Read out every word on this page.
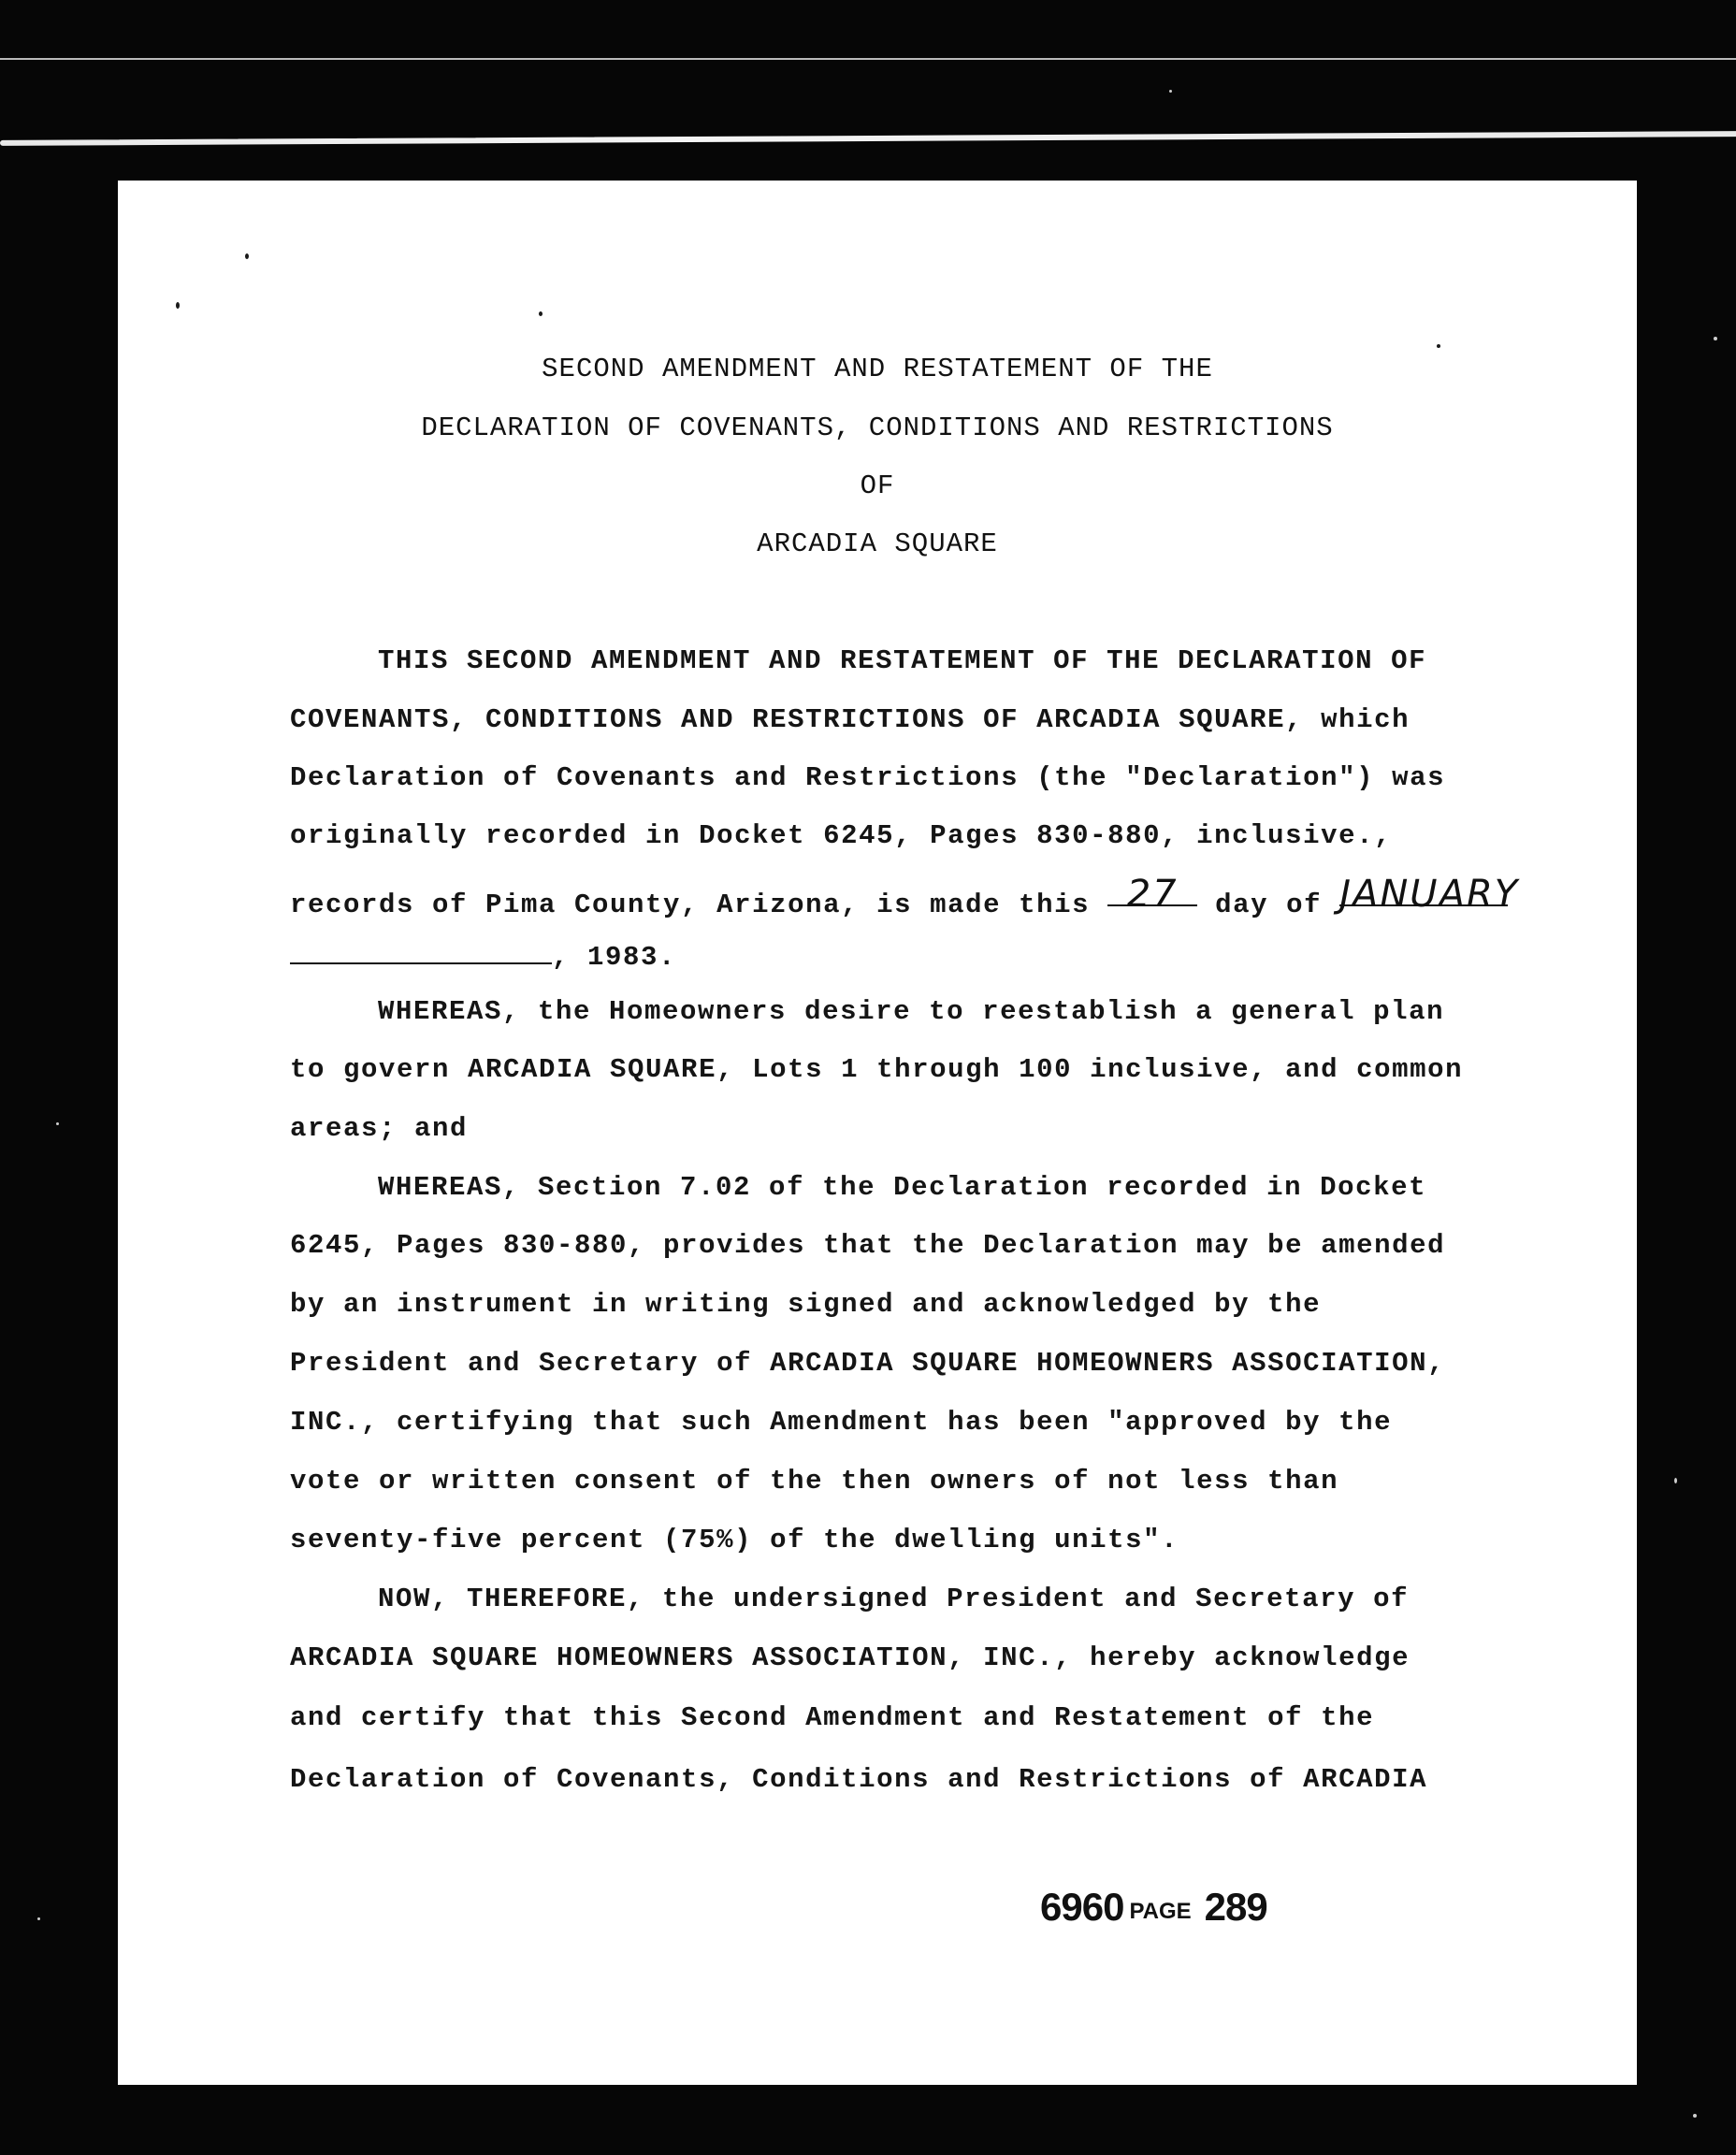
SECOND AMENDMENT AND RESTATEMENT OF THE
DECLARATION OF COVENANTS, CONDITIONS AND RESTRICTIONS
OF
ARCADIA SQUARE
THIS SECOND AMENDMENT AND RESTATEMENT OF THE DECLARATION OF
COVENANTS, CONDITIONS AND RESTRICTIONS OF ARCADIA SQUARE, which
Declaration of Covenants and Restrictions (the "Declaration") was
originally recorded in Docket 6245, Pages 830-880, inclusive.,
records of Pima County, Arizona, is made this 27 day of JANUARY
, 1983.
WHEREAS, the Homeowners desire to reestablish a general plan
to govern ARCADIA SQUARE, Lots 1 through 100 inclusive, and common
areas; and
WHEREAS, Section 7.02 of the Declaration recorded in Docket
6245, Pages 830-880, provides that the Declaration may be amended
by an instrument in writing signed and acknowledged by the
President and Secretary of ARCADIA SQUARE HOMEOWNERS ASSOCIATION,
INC., certifying that such Amendment has been "approved by the
vote or written consent of the then owners of not less than
seventy-five percent (75%) of the dwelling units".
NOW, THEREFORE, the undersigned President and Secretary of
ARCADIA SQUARE HOMEOWNERS ASSOCIATION, INC., hereby acknowledge
and certify that this Second Amendment and Restatement of the
Declaration of Covenants, Conditions and Restrictions of ARCADIA
6960 PAGE 289
